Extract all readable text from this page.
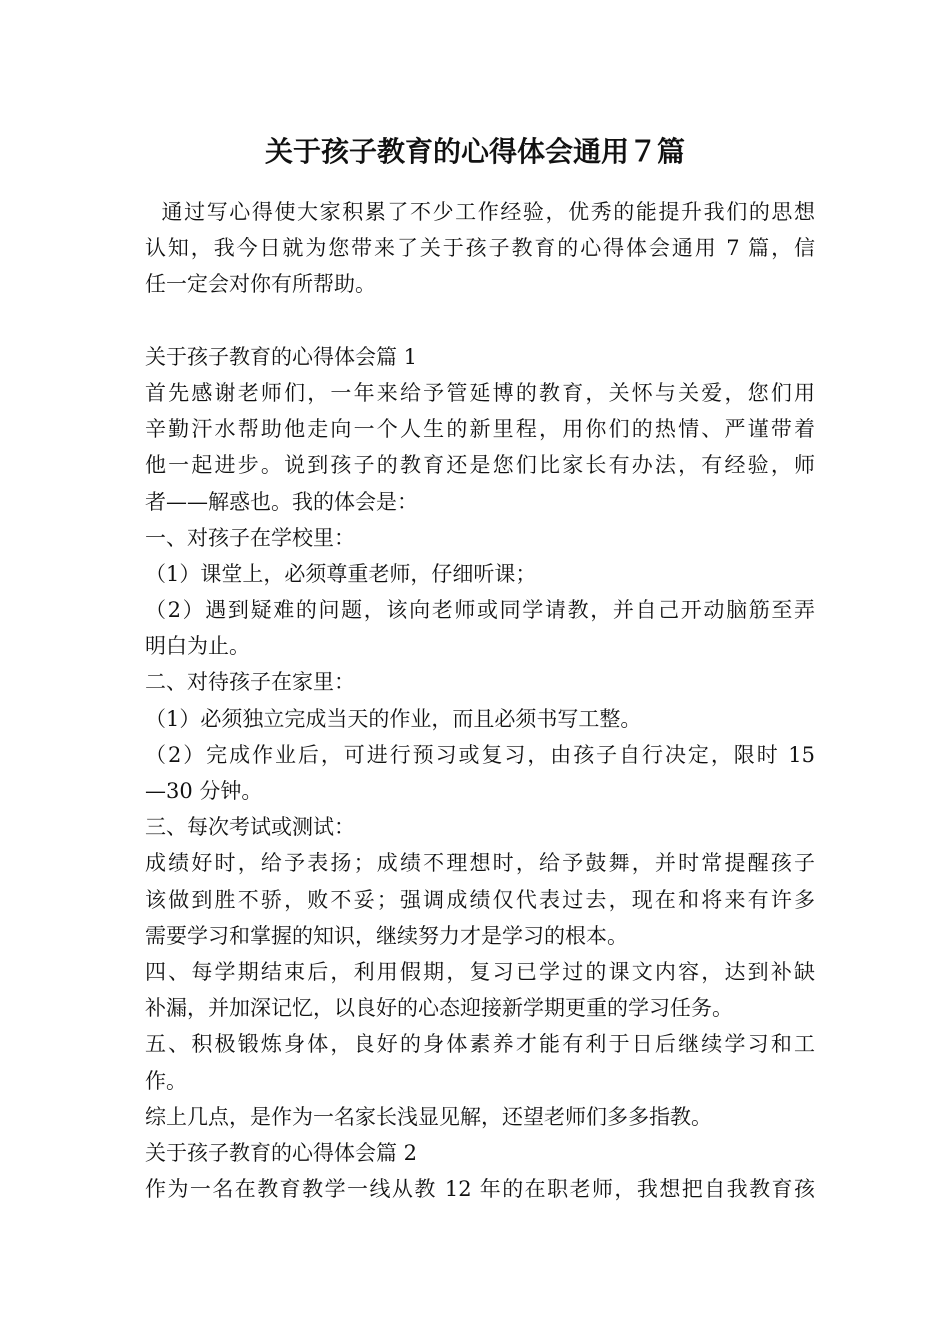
关于孩子教育的心得体会通用７篇
通过写心得使大家积累了不少工作经验，优秀的能提升我们的思想
认知，我今日就为您带来了关于孩子教育的心得体会通用 7 篇，信
任一定会对你有所帮助。
关于孩子教育的心得体会篇 1
首先感谢老师们，一年来给予管延博的教育，关怀与关爱，您们用
辛勤汗水帮助他走向一个人生的新里程，用你们的热情、严谨带着
他一起进步。说到孩子的教育还是您们比家长有办法，有经验，师
者——解惑也。我的体会是：
一、对孩子在学校里：
（1）课堂上，必须尊重老师，仔细听课；
（2）遇到疑难的问题，该向老师或同学请教，并自己开动脑筋至弄
明白为止。
二、对待孩子在家里：
（1）必须独立完成当天的作业，而且必须书写工整。
（2）完成作业后，可进行预习或复习，由孩子自行决定，限时 15
—30 分钟。
三、每次考试或测试：
成绩好时，给予表扬；成绩不理想时，给予鼓舞，并时常提醒孩子
该做到胜不骄，败不妥；强调成绩仅代表过去，现在和将来有许多
需要学习和掌握的知识，继续努力才是学习的根本。
四、每学期结束后，利用假期，复习已学过的课文内容，达到补缺
补漏，并加深记忆，以良好的心态迎接新学期更重的学习任务。
五、积极锻炼身体，良好的身体素养才能有利于日后继续学习和工
作。
综上几点，是作为一名家长浅显见解，还望老师们多多指教。
关于孩子教育的心得体会篇 2
作为一名在教育教学一线从教 12 年的在职老师，我想把自我教育孩
